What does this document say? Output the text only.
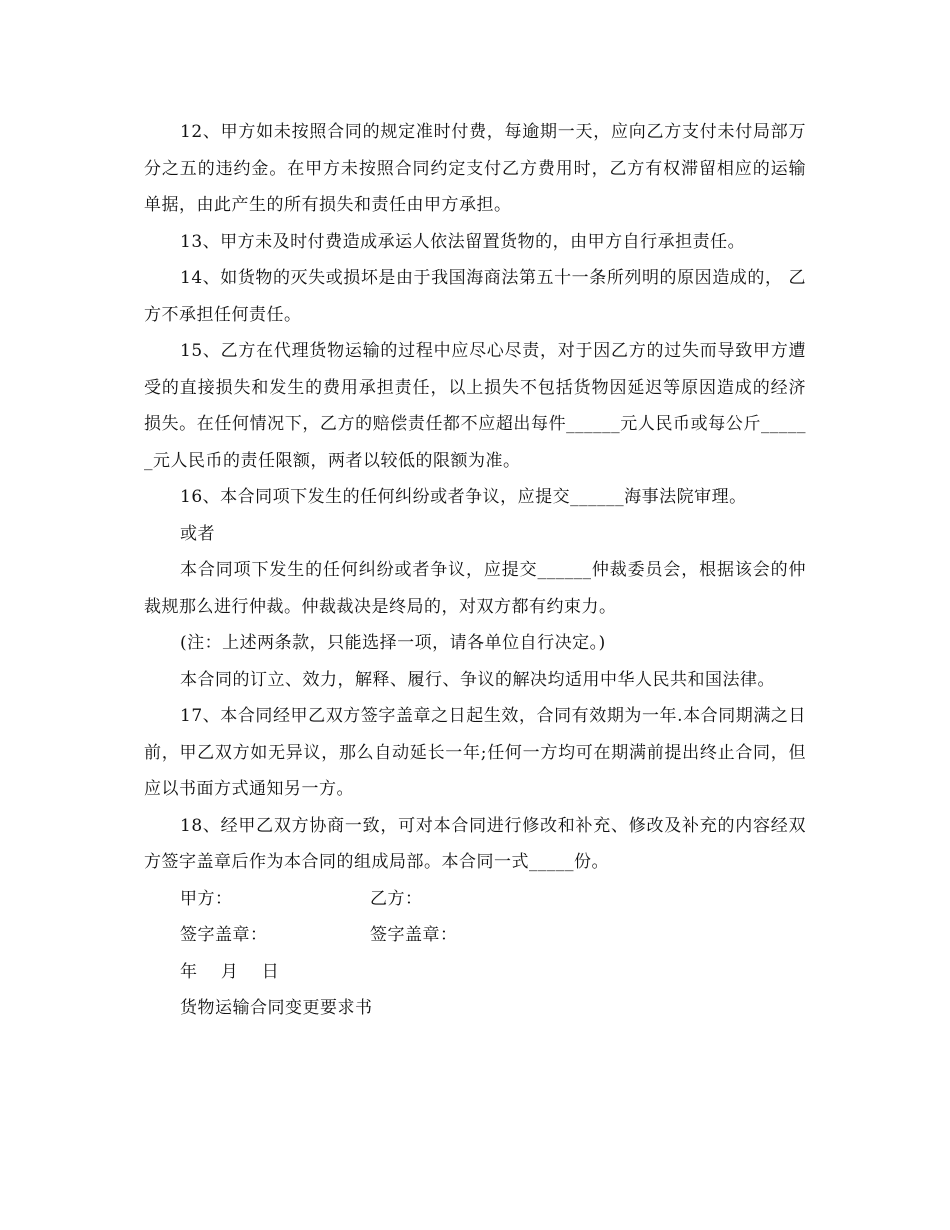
12、甲方如未按照合同的规定准时付费，每逾期一天，应向乙方支付未付局部万分之五的违约金。在甲方未按照合同约定支付乙方费用时，乙方有权滞留相应的运输单据，由此产生的所有损失和责任由甲方承担。

13、甲方未及时付费造成承运人依法留置货物的，由甲方自行承担责任。

14、如货物的灭失或损坏是由于我国海商法第五十一条所列明的原因造成的， 乙方不承担任何责任。

15、乙方在代理货物运输的过程中应尽心尽责，对于因乙方的过失而导致甲方遭受的直接损失和发生的费用承担责任，以上损失不包括货物因延迟等原因造成的经济损失。在任何情况下，乙方的赔偿责任都不应超出每件______元人民币或每公斤______元人民币的责任限额，两者以较低的限额为准。

16、本合同项下发生的任何纠纷或者争议，应提交______海事法院审理。

或者

本合同项下发生的任何纠纷或者争议，应提交______仲裁委员会，根据该会的仲裁规那么进行仲裁。仲裁裁决是终局的，对双方都有约束力。

(注：上述两条款，只能选择一项，请各单位自行决定。)

本合同的订立、效力，解释、履行、争议的解决均适用中华人民共和国法律。

17、本合同经甲乙双方签字盖章之日起生效，合同有效期为一年.本合同期满之日前，甲乙双方如无异议，那么自动延长一年;任何一方均可在期满前提出终止合同，但应以书面方式通知另一方。

18、经甲乙双方协商一致，可对本合同进行修改和补充、修改及补充的内容经双方签字盖章后作为本合同的组成局部。本合同一式_____份。

甲方：	乙方：
签字盖章：	签字盖章：

年　 月　 日

货物运输合同变更要求书
